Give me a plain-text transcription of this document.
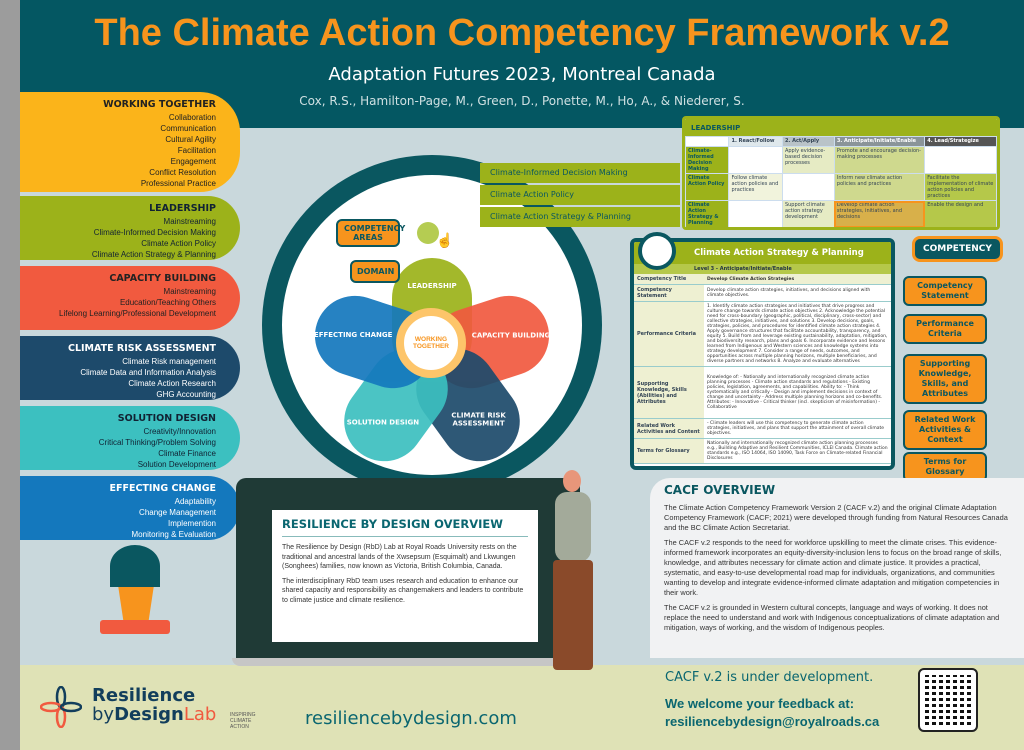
The Climate Action Competency Framework v.2
Adaptation Futures 2023, Montreal Canada
Cox, R.S., Hamilton-Page, M., Green, D., Ponette, M., Ho, A., & Niederer, S.
WORKING TOGETHER
Collaboration
Communication
Cultural Agility
Facilitation
Engagement
Conflict Resolution
Professional Practice
LEADERSHIP
Mainstreaming
Climate-Informed Decision Making
Climate Action Policy
Climate Action Strategy & Planning
CAPACITY BUILDING
Mainstreaming
Education/Teaching Others
Lifelong Learning/Professional Development
CLIMATE RISK ASSESSMENT
Climate Risk management
Climate Data and Information Analysis
Climate Action Research
GHG Accounting
SOLUTION DESIGN
Creativity/Innovation
Critical Thinking/Problem Solving
Climate Finance
Solution Development
EFFECTING CHANGE
Adaptability
Change Management
Implemention
Monitoring & Evaluation
LEADERSHIP
CAPACITY BUILDING
CLIMATE RISK ASSESSMENT
SOLUTION DESIGN
EFFECTING CHANGE
WORKING TOGETHER
☝
COMPETENCY AREAS
DOMAIN
Climate-Informed Decision Making
Climate Action Policy
Climate Action Strategy & Planning
LEADERSHIP
	1. React/Follow	2. Act/Apply	3. Anticipate/Initiate/Enable	4. Lead/Strategize
Climate-Informed Decision Making		Apply evidence-based decision processes	Promote and encourage decision-making processes	
Climate Action Policy	Follow climate action policies and practices		Inform new climate action policies and practices	Facilitate the implementation of climate action policies and practices
Climate Action Strategy & Planning		Support climate action strategy development	Develop climate action strategies, initiatives, and decisions	Enable the design and
COMPETENCY
Climate Action Strategy & Planning
Level 3 - Anticipate/Initiate/Enable
Competency Title	Develop Climate Action Strategies
Competency Statement	Develop climate action strategies, initiatives, and decisions aligned with climate objectives.
Performance Criteria	1. Identify climate action strategies and initiatives that drive progress and culture change towards climate action objectives 2. Acknowledge the potential need for cross-boundary (geographic, political, disciplinary, cross-sector) and collective strategies, initiatives, and solutions 3. Develop decisions, goals, strategies, policies, and procedures for identified climate action strategies 4. Apply governance structures that facilitate accountability, transparency, and equity 5. Build from and leverage existing sustainability, adaptation, mitigation, and biodiversity research, plans and goals 6. Incorporate evidence and lessons learned from Indigenous and Western sciences and knowledge systems into strategy development 7. Consider a range of needs, outcomes, and opportunities across multiple planning horizons, multiple beneficiaries, and diverse partners and networks 8. Analyze and evaluate alternatives
Supporting Knowledge, Skills (Abilities) and Attributes	Knowledge of: - Nationally and internationally recognized climate action planning processes - Climate action standards and regulations - Existing policies, legislation, agreements, and capabilities. Ability to: - Think systematically and critically - Design and implement decisions in context of change and uncertainty - Address multiple planning horizons and co-benefits. Attributes: - Innovative - Critical thinker (incl. skepticism of misinformation) - Collaborative
Related Work Activities and Content	- Climate leaders will use this competency to generate climate action strategies, initiatives, and plans that support the attainment of overall climate objectives.
Terms for Glossary	Nationally and internationally recognized climate action planning processes e.g., Building Adaptive and Resilient Communities, ICLEI Canada. Climate action standards e.g., ISO 14064, ISO 14090, Task Force on Climate-related Financial Disclosures
Competency Statement
Performance Criteria
Supporting Knowledge, Skills, and Attributes
Related Work Activities & Context
Terms for Glossary
RESILIENCE BY DESIGN OVERVIEW

The Resilience by Design (RbD) Lab at Royal Roads University rests on the traditional and ancestral lands of the Xwsepsum (Esquimalt) and Lkwungen (Songhees) families, now known as Victoria, British Columbia, Canada.

The interdisciplinary RbD team uses research and education to enhance our shared capacity and responsibility as changemakers and leaders to contribute to climate justice and climate resilience.

CACF OVERVIEW

The Climate Action Competency Framework Version 2 (CACF v.2) and the original Climate Adaptation Competency Framework (CACF; 2021) were developed through funding from Natural Resources Canada and the BC Climate Action Secretariat.

The CACF v.2 responds to the need for workforce upskilling to meet the climate crises. This evidence-informed framework incorporates an equity-diversity-inclusion lens to focus on the broad range of skills, knowledge, and attributes necessary for climate action and climate justice. It provides a practical, systematic, and easy-to-use developmental road map for individuals, organizations, and communities wanting to develop and integrate evidence-informed climate adaptation and mitigation competencies in their work.

The CACF v.2 is grounded in Western cultural concepts, language and ways of working. It does not replace the need to understand and work with Indigenous conceptualizations of climate adaptation and mitigation, ways of working, and the wisdom of Indigenous peoples.

Resilience
byDesignLab	INSPIRING CLIMATE ACTION	resiliencebydesign.com
CACF v.2 is under development.
We welcome your feedback at:
resiliencebydesign@royalroads.ca
